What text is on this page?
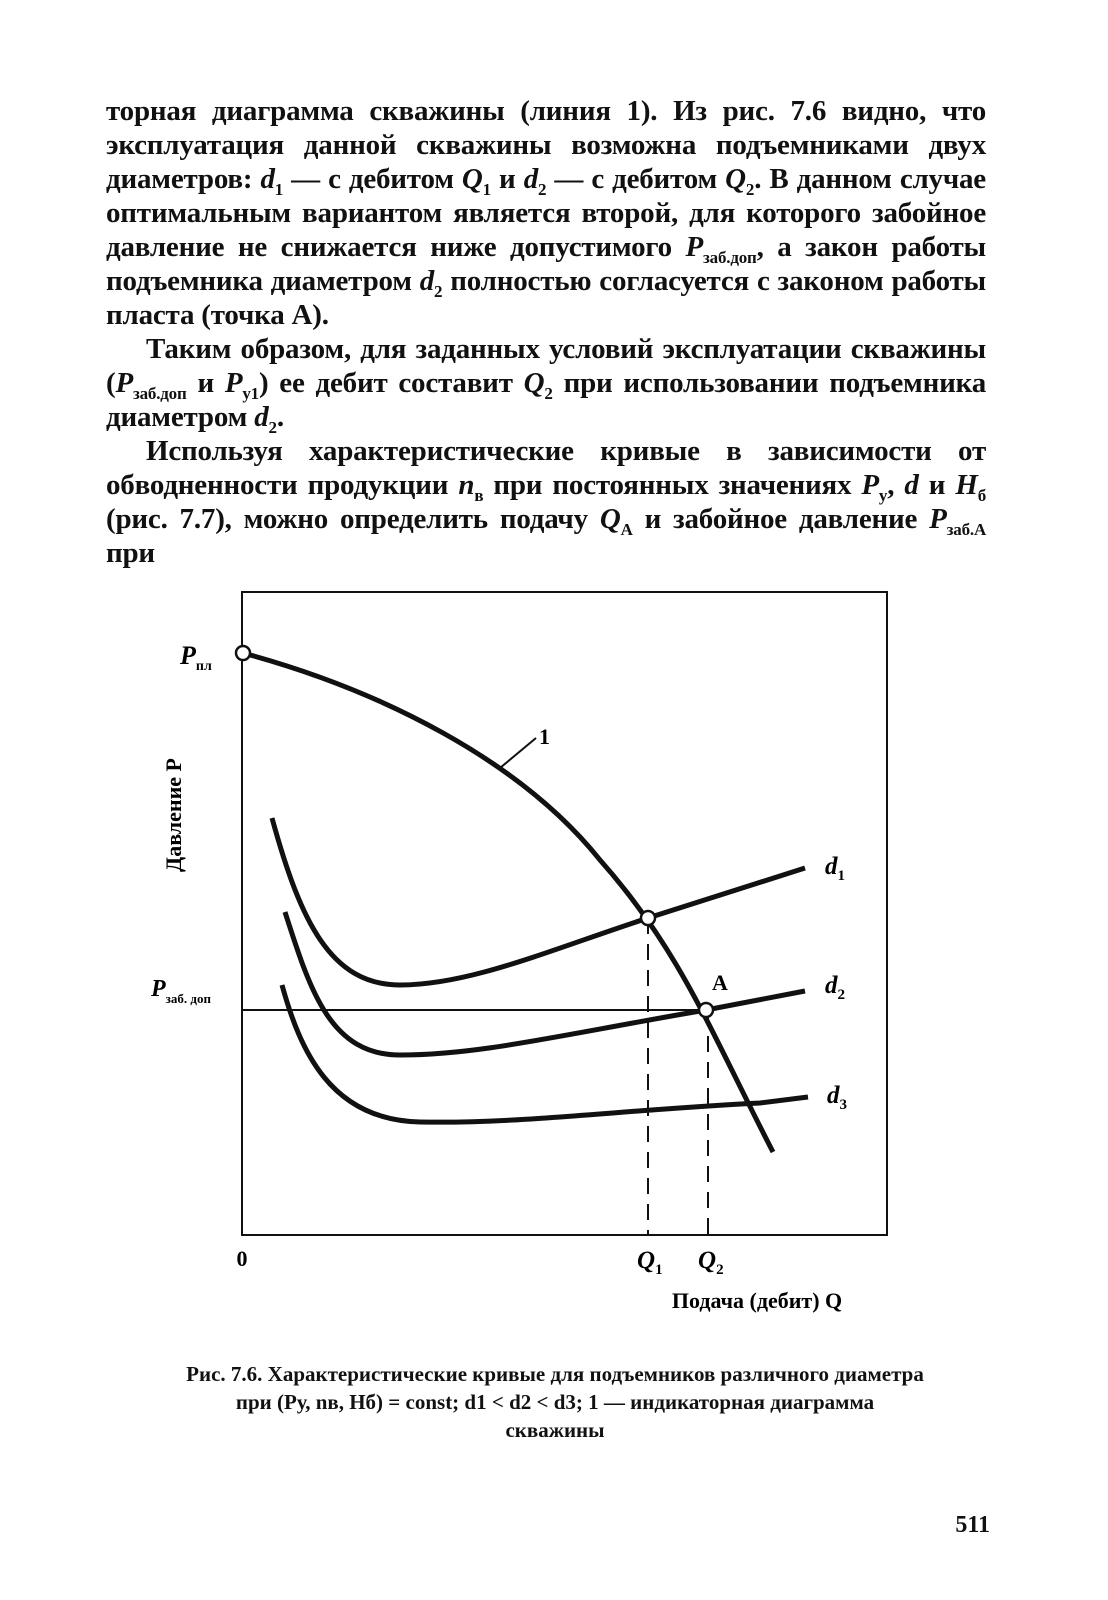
торная диаграмма скважины (линия 1). Из рис. 7.6 видно, что эксплуатация данной скважины возможна подъемниками двух диаметров: $d_1$ — с дебитом $Q_1$ и $d_2$ — с дебитом $Q_2$. В данном случае оптимальным вариантом является второй, для которого забойное давление не снижается ниже допустимого $P_{заб.доп}$, а закон работы подъемника диаметром $d_2$ полностью согласуется с законом работы пласта (точка А).
Таким образом, для заданных условий эксплуатации скважины ($P_{заб.доп}$ и $P_{у1}$) ее дебит составит $Q_2$ при использовании подъемника диаметром $d_2$.
Используя характеристические кривые в зависимости от обводненности продукции $n_в$ при постоянных значениях $P_у$, d и $H_б$ (рис. 7.7), можно определить подачу $Q_A$ и забойное давление $P_{заб.A}$ при
Давление P
Подача (дебит) Q
0
$P_{пл}$
$P_{заб. доп}$
1
А
$d_1$
$d_2$
$d_3$
$Q_1$ $Q_2$
Рис. 7.6. Характеристические кривые для подъемников различного диаметра
при (Pу, nв, Hб) = const; d1 < d2 < d3; 1 — индикаторная диаграмма
скважины
511
